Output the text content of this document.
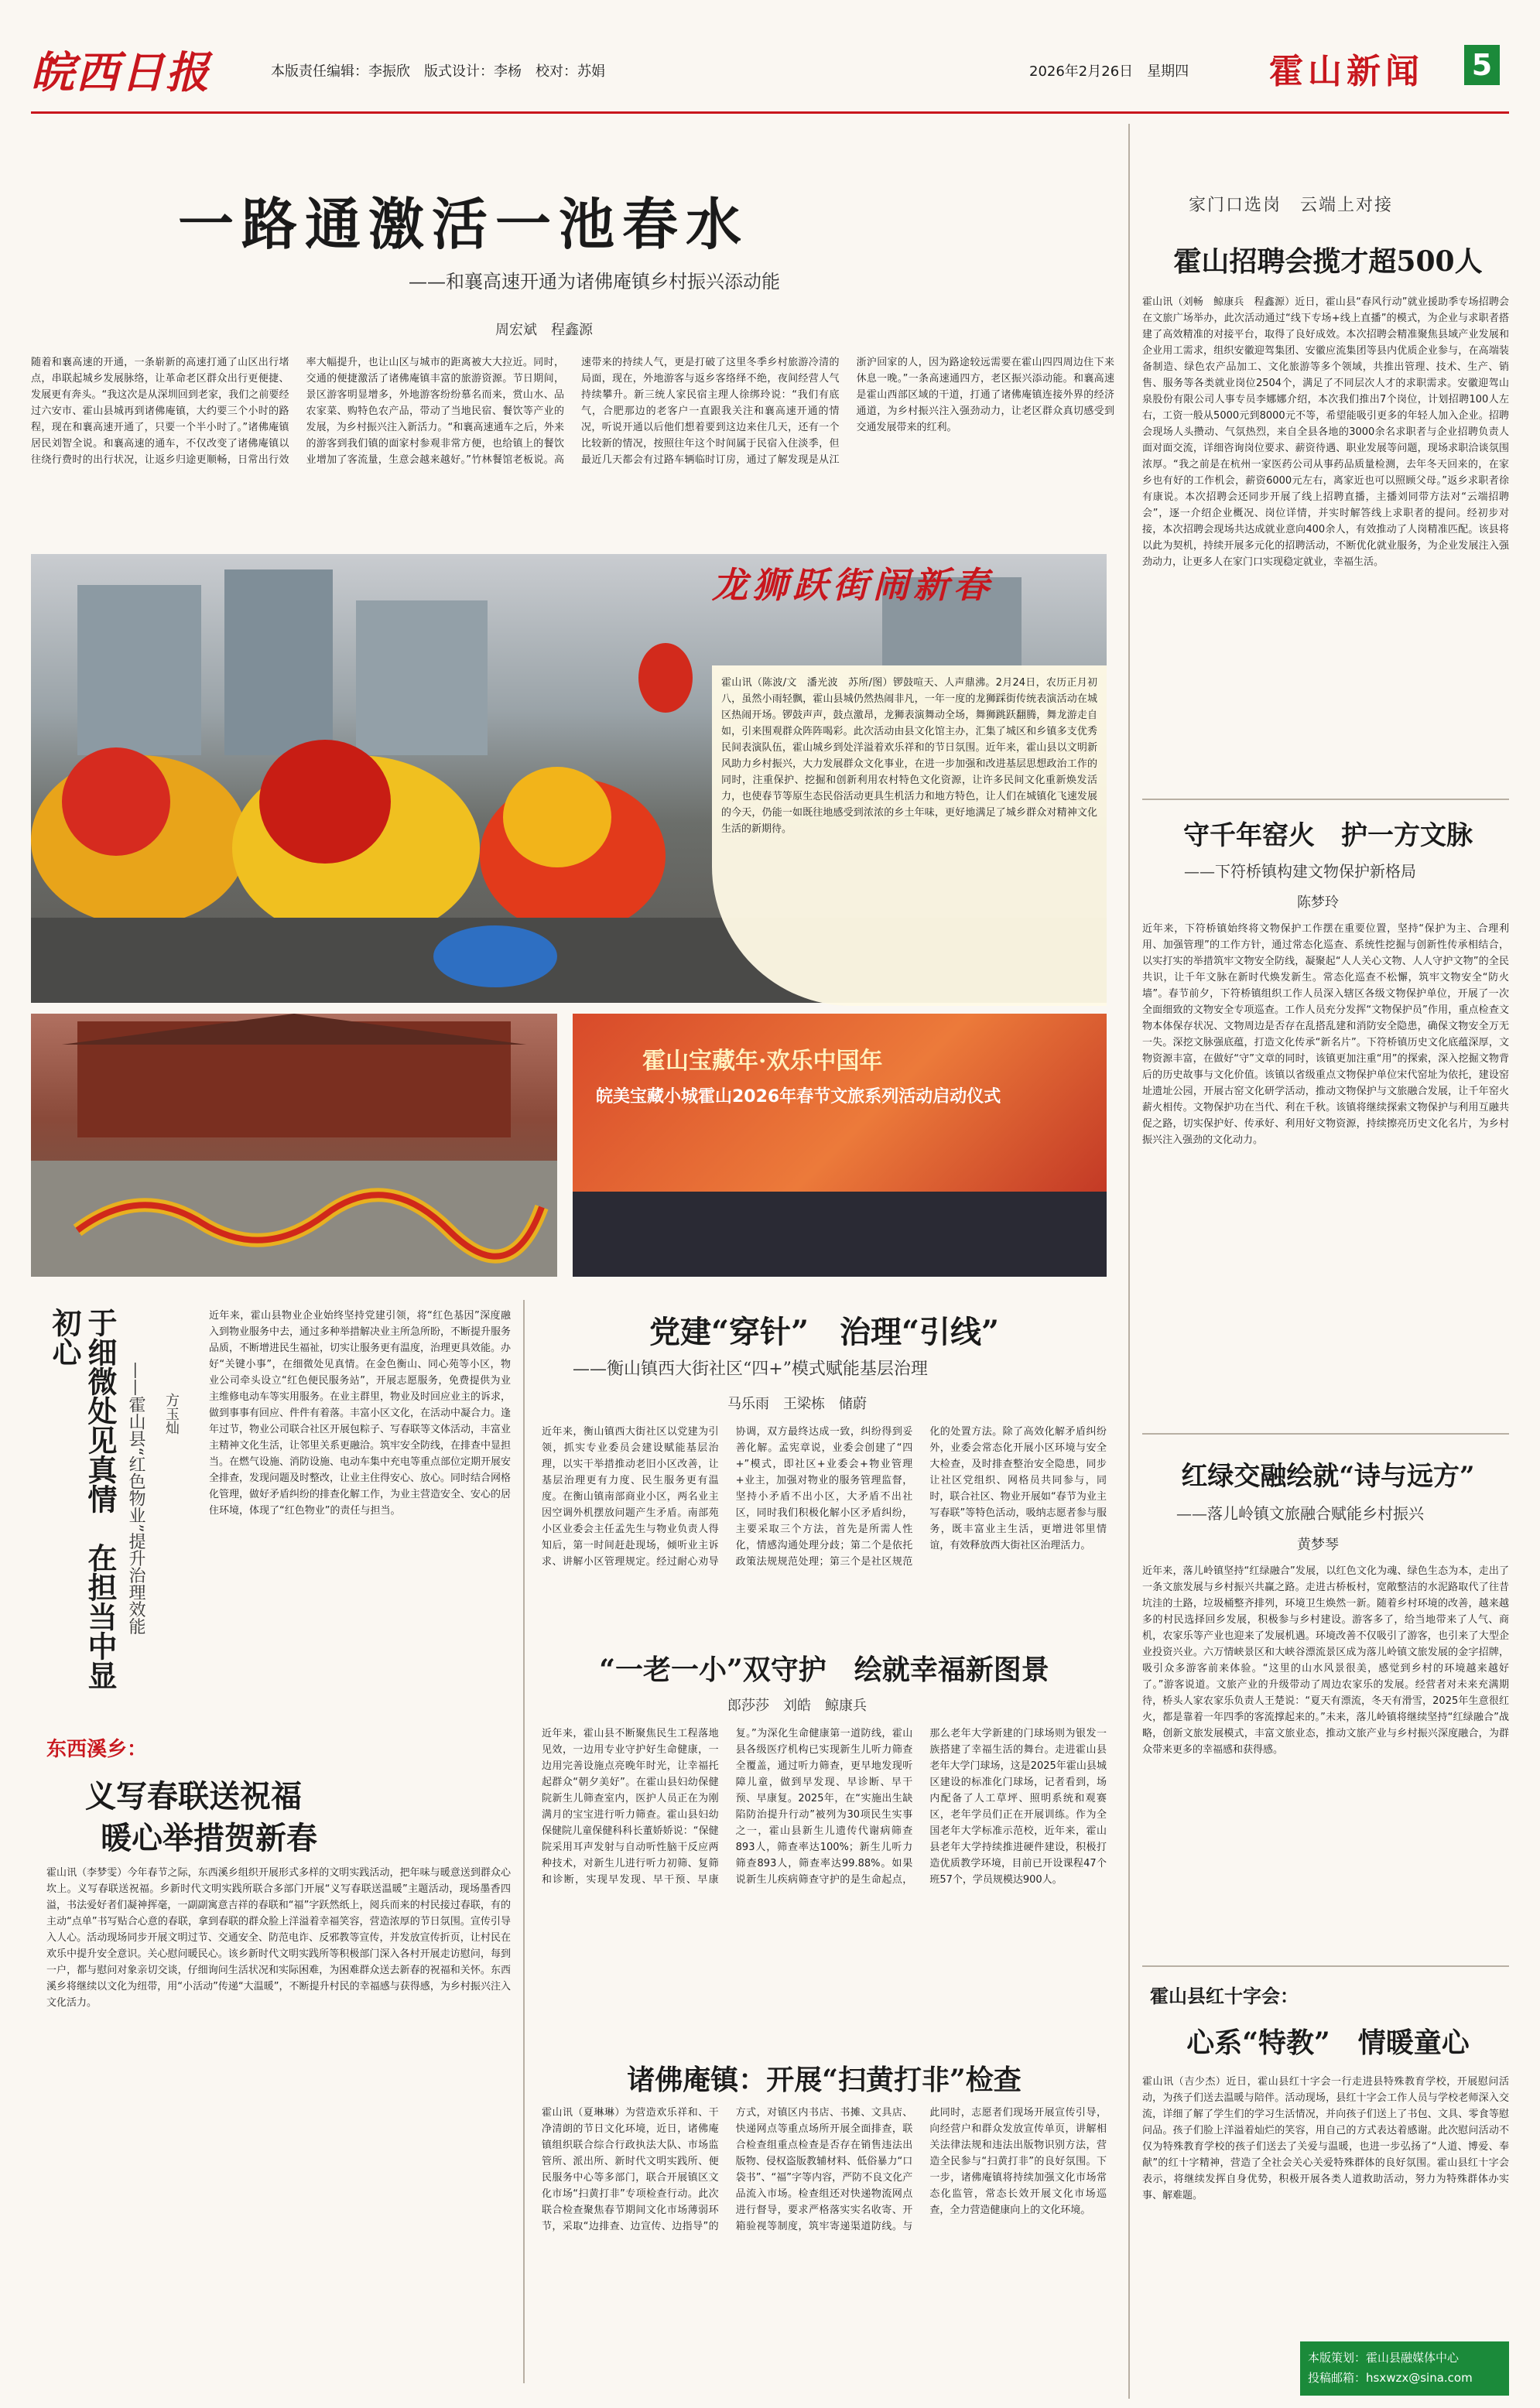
皖西日报	本版责任编辑：李振欣　版式设计：李杨　校对：苏娟	2026年2月26日　星期四 霍山新闻 5
一路通激活一池春水
——和襄高速开通为诸佛庵镇乡村振兴添动能
周宏斌　程鑫源
随着和襄高速的开通，一条崭新的高速打通了山区出行堵点，串联起城乡发展脉络，让革命老区群众出行更便捷、发展更有奔头。“我这次是从深圳回到老家，我们之前要经过六安市、霍山县城再到诸佛庵镇，大约要三个小时的路程，现在和襄高速开通了，只要一个半小时了。”诸佛庵镇居民刘智全说。和襄高速的通车，不仅改变了诸佛庵镇以往绕行费时的出行状况，让返乡归途更顺畅，日常出行效率大幅提升，也让山区与城市的距离被大大拉近。同时，交通的便捷激活了诸佛庵镇丰富的旅游资源。节日期间，景区游客明显增多，外地游客纷纷慕名而来，赏山水、品农家菜、购特色农产品，带动了当地民宿、餐饮等产业的发展，为乡村振兴注入新活力。“和襄高速通车之后，外来的游客到我们镇的面家村参观非常方便，也给镇上的餐饮业增加了客流量，生意会越来越好。”竹林餐馆老板说。高速带来的持续人气，更是打破了这里冬季乡村旅游冷清的局面，现在，外地游客与返乡客络绎不绝，夜间经营人气持续攀升。新三统人家民宿主理人徐绑玲说：“我们有底气，合肥那边的老客户一直跟我关注和襄高速开通的情况，听说开通以后他们想着要到这边来住几天，还有一个比较新的情况，按照往年这个时间属于民宿入住淡季，但最近几天都会有过路车辆临时订房，通过了解发现是从江浙沪回家的人，因为路途较远需要在霍山四四周边住下来休息一晚。”一条高速通四方，老区振兴添动能。和襄高速是霍山西部区域的干道，打通了诸佛庵镇连接外界的经济通道，为乡村振兴注入强劲动力，让老区群众真切感受到交通发展带来的红利。
龙狮跃街闹新春
霍山讯（陈波/文　潘光波　苏所/图）锣鼓喧天、人声鼎沸。2月24日，农历正月初八，虽然小雨轻飘，霍山县城仍然热闹非凡，一年一度的龙狮踩街传统表演活动在城区热闹开场。锣鼓声声，鼓点激昂，龙狮表演舞动全场，舞狮跳跃翻腾，舞龙游走自如，引来围观群众阵阵喝彩。此次活动由县文化馆主办，汇集了城区和乡镇多支优秀民间表演队伍，霍山城乡到处洋溢着欢乐祥和的节日氛围。近年来，霍山县以文明新风助力乡村振兴，大力发展群众文化事业，在进一步加强和改进基层思想政治工作的同时，注重保护、挖掘和创新利用农村特色文化资源，让许多民间文化重新焕发活力，也使春节等原生态民俗活动更具生机活力和地方特色，让人们在城镇化飞速发展的今天，仍能一如既往地感受到浓浓的乡土年味，更好地满足了城乡群众对精神文化生活的新期待。
霍山宝藏年·欢乐中国年
皖美宝藏小城霍山2026年春节文旅系列活动启动仪式
于细微处见真情　在担当中显初心
——霍山县“红色物业”提升治理效能 方玉灿
近年来，霍山县物业企业始终坚持党建引领，将“红色基因”深度融入到物业服务中去，通过多种举措解决业主所急所盼，不断提升服务品质，不断增进民生福祉，切实让服务更有温度，治理更具效能。办好“关键小事”，在细微处见真情。在金色衡山、同心苑等小区，物业公司牵头设立“红色便民服务站”，开展志愿服务，免费提供为业主维修电动车等实用服务。在业主群里，物业及时回应业主的诉求，做到事事有回应、件件有着落。丰富小区文化，在活动中凝合力。逢年过节，物业公司联合社区开展包粽子、写春联等文体活动，丰富业主精神文化生活，让邻里关系更融洽。筑牢安全防线，在排查中显担当。在燃气设施、消防设施、电动车集中充电等重点部位定期开展安全排查，发现问题及时整改，让业主住得安心、放心。同时结合网格化管理，做好矛盾纠纷的排查化解工作，为业主营造安全、安心的居住环境，体现了“红色物业”的责任与担当。
党建“穿针”　治理“引线”
——衡山镇西大街社区“四+”模式赋能基层治理
马乐雨　王梁栋　储蔚
近年来，衡山镇西大街社区以党建为引领，抓实专业委员会建设赋能基层治理，以实干举措推动老旧小区改善，让基层治理更有力度、民生服务更有温度。在衡山镇南部商业小区，两名业主因空调外机摆放问题产生矛盾。南部苑小区业委会主任孟先生与物业负责人得知后，第一时间赶赴现场，倾听业主诉求、讲解小区管理规定。经过耐心劝导协调，双方最终达成一致，纠纷得到妥善化解。孟宪章说，业委会创建了“四+”模式，即社区+业委会+物业管理+业主，加强对物业的服务管理监督，坚持小矛盾不出小区，大矛盾不出社区，同时我们积极化解小区矛盾纠纷，主要采取三个方法，首先是所需人性化，情感沟通处理分歧；第二个是依托政策法规规范处理；第三个是社区规范化的处置方法。除了高效化解矛盾纠纷外，业委会常态化开展小区环境与安全大检查，及时排查整治安全隐患，同步让社区党组织、网格员共同参与，同时，联合社区、物业开展如“春节为业主写春联”等特色活动，吸纳志愿者参与服务，既丰富业主生活，更增进邻里情谊，有效释放西大街社区治理活力。
“一老一小”双守护　绘就幸福新图景
郎莎莎　刘皓　鲸康兵
近年来，霍山县不断聚焦民生工程落地见效，一边用专业守护好生命健康，一边用完善设施点亮晚年时光，让幸福托起群众“朝夕美好”。在霍山县妇幼保健院新生儿筛查室内，医护人员正在为刚满月的宝宝进行听力筛查。霍山县妇幼保健院儿童保健科科长董娇娇说：“保健院采用耳声发射与自动听性脑干反应两种技术，对新生儿进行听力初筛、复筛和诊断，实现早发现、早干预、早康复。”为深化生命健康第一道防线，霍山县各级医疗机构已实现新生儿听力筛查全覆盖，通过听力筛查，更早地发现听障儿童，做到早发现、早诊断、早干预、早康复。2025年，在“实施出生缺陷防治提升行动”被列为30项民生实事之一，霍山县新生儿遗传代谢病筛查893人，筛查率达100%；新生儿听力筛查893人，筛查率达99.88%。如果说新生儿疾病筛查守护的是生命起点，那么老年大学新建的门球场则为银发一族搭建了幸福生活的舞台。走进霍山县老年大学门球场，这是2025年霍山县城区建设的标准化门球场，记者看到，场内配备了人工草坪、照明系统和观赛区，老年学员们正在开展训练。作为全国老年大学标准示范校，近年来，霍山县老年大学持续推进硬件建设，积极打造优质教学环境，目前已开设课程47个班57个，学员规模达900人。
东西溪乡：
义写春联送祝福
暖心举措贺新春
霍山讯（李梦雯）今年春节之际，东西溪乡组织开展形式多样的文明实践活动，把年味与暖意送到群众心坎上。义写春联送祝福。乡新时代文明实践所联合多部门开展“义写春联送温暖”主题活动，现场墨香四溢，书法爱好者们凝神挥毫，一副副寓意吉祥的春联和“福”字跃然纸上，阅兵而来的村民接过春联，有的主动“点单”书写贴合心意的春联，拿到春联的群众脸上洋溢着幸福笑容，营造浓厚的节日氛围。宣传引导入人心。活动现场同步开展文明过节、交通安全、防范电诈、反邪教等宣传，并发放宣传折页，让村民在欢乐中提升安全意识。关心慰问暖民心。该乡新时代文明实践所等积极部门深入各村开展走访慰问，每到一户，都与慰问对象亲切交谈，仔细询问生活状况和实际困难，为困难群众送去新春的祝福和关怀。东西溪乡将继续以文化为纽带，用“小活动”传递“大温暖”，不断提升村民的幸福感与获得感，为乡村振兴注入文化活力。
诸佛庵镇：开展“扫黄打非”检查
霍山讯（夏琳琳）为营造欢乐祥和、干净清朗的节日文化环境，近日，诸佛庵镇组织联合综合行政执法大队、市场监管所、派出所、新时代文明实践所、便民服务中心等多部门，联合开展镇区文化市场“扫黄打非”专项检查行动。此次联合检查聚焦春节期间文化市场薄弱环节，采取“边排查、边宣传、边指导”的方式，对镇区内书店、书摊、文具店、快递网点等重点场所开展全面排查，联合检查组重点检查是否存在销售违法出版物、侵权盗版教辅材料、低俗暴力“口袋书”、“福”字等内容，严防不良文化产品流入市场。检查组还对快递物流网点进行督导，要求严格落实实名收寄、开箱验视等制度，筑牢寄递渠道防线。与此同时，志愿者们现场开展宣传引导，向经营户和群众发放宣传单页，讲解相关法律法规和违法出版物识别方法，营造全民参与“扫黄打非”的良好氛围。下一步，诸佛庵镇将持续加强文化市场常态化监管，常态长效开展文化市场巡查，全力营造健康向上的文化环境。
家门口选岗　云端上对接
霍山招聘会揽才超500人
霍山讯（刘畅　鲸康兵　程鑫源）近日，霍山县“春风行动”就业援助季专场招聘会在文旅广场举办，此次活动通过“线下专场+线上直播”的模式，为企业与求职者搭建了高效精准的对接平台，取得了良好成效。本次招聘会精准聚焦县域产业发展和企业用工需求，组织安徽迎驾集团、安徽应流集团等县内优质企业参与，在高端装备制造、绿色农产品加工、文化旅游等多个领域，共推出管理、技术、生产、销售、服务等各类就业岗位2504个，满足了不同层次人才的求职需求。安徽迎驾山泉股份有限公司人事专员李娜娜介绍，本次我们推出7个岗位，计划招聘100人左右，工资一般从5000元到8000元不等，希望能吸引更多的年轻人加入企业。招聘会现场人头攒动、气氛热烈，来自全县各地的3000余名求职者与企业招聘负责人面对面交流，详细咨询岗位要求、薪资待遇、职业发展等问题，现场求职洽谈氛围浓厚。“我之前是在杭州一家医药公司从事药品质量检测，去年冬天回来的，在家乡也有好的工作机会，薪资6000元左右，离家近也可以照顾父母。”返乡求职者徐有康说。本次招聘会还同步开展了线上招聘直播，主播刘同带方法对“云端招聘会”，逐一介绍企业概况、岗位详情，并实时解答线上求职者的提问。经初步对接，本次招聘会现场共达成就业意向400余人，有效推动了人岗精准匹配。该县将以此为契机，持续开展多元化的招聘活动，不断优化就业服务，为企业发展注入强劲动力，让更多人在家门口实现稳定就业，幸福生活。
守千年窑火　护一方文脉
——下符桥镇构建文物保护新格局
陈梦玲
近年来，下符桥镇始终将文物保护工作摆在重要位置，坚持“保护为主、合理利用、加强管理”的工作方针，通过常态化巡查、系统性挖掘与创新性传承相结合，以实打实的举措筑牢文物安全防线，凝聚起“人人关心文物、人人守护文物”的全民共识，让千年文脉在新时代焕发新生。常态化巡查不松懈，筑牢文物安全“防火墙”。春节前夕，下符桥镇组织工作人员深入辖区各级文物保护单位，开展了一次全面细致的文物安全专项巡查。工作人员充分发挥“文物保护员”作用，重点检查文物本体保存状况、文物周边是否存在乱搭乱建和消防安全隐患，确保文物安全万无一失。深挖文脉强底蕴，打造文化传承“新名片”。下符桥镇历史文化底蕴深厚，文物资源丰富，在做好“守”文章的同时，该镇更加注重“用”的探索，深入挖掘文物背后的历史故事与文化价值。该镇以省级重点文物保护单位宋代窑址为依托，建设窑址遗址公园，开展古窑文化研学活动，推动文物保护与文旅融合发展，让千年窑火薪火相传。文物保护功在当代、利在千秋。该镇将继续探索文物保护与利用互融共促之路，切实保护好、传承好、利用好文物资源，持续擦亮历史文化名片，为乡村振兴注入强劲的文化动力。
红绿交融绘就“诗与远方”
——落儿岭镇文旅融合赋能乡村振兴
黄梦琴
近年来，落儿岭镇坚持“红绿融合”发展，以红色文化为魂、绿色生态为本，走出了一条文旅发展与乡村振兴共赢之路。走进古桥板村，宽敞整洁的水泥路取代了往昔坑洼的土路，垃圾桶整齐排列，环境卫生焕然一新。随着乡村环境的改善，越来越多的村民选择回乡发展，积极参与乡村建设。游客多了，给当地带来了人气、商机，农家乐等产业也迎来了发展机遇。环境改善不仅吸引了游客，也引来了大型企业投资兴业。六万情峡景区和大峡谷漂流景区成为落儿岭镇文旅发展的金字招牌，吸引众多游客前来体验。“这里的山水风景很美，感觉到乡村的环境越来越好了。”游客说道。文旅产业的升级带动了周边农家乐的发展。经营者对未来充满期待，桥头人家农家乐负责人王楚说：“夏天有漂流，冬天有滑雪，2025年生意很红火，都是靠着一年四季的客流撑起来的。”未来，落儿岭镇将继续坚持“红绿融合”战略，创新文旅发展模式，丰富文旅业态，推动文旅产业与乡村振兴深度融合，为群众带来更多的幸福感和获得感。
霍山县红十字会：
心系“特教”　情暖童心
霍山讯（吉少杰）近日，霍山县红十字会一行走进县特殊教育学校，开展慰问活动，为孩子们送去温暖与陪伴。活动现场，县红十字会工作人员与学校老师深入交流，详细了解了学生们的学习生活情况，并向孩子们送上了书包、文具、零食等慰问品。孩子们脸上洋溢着灿烂的笑容，用自己的方式表达着感谢。此次慰问活动不仅为特殊教育学校的孩子们送去了关爱与温暖，也进一步弘扬了“人道、博爱、奉献”的红十字精神，营造了全社会关心关爱特殊群体的良好氛围。霍山县红十字会表示，将继续发挥自身优势，积极开展各类人道救助活动，努力为特殊群体办实事、解难题。
本版策划：霍山县融媒体中心
投稿邮箱：hsxwzx@sina.com
